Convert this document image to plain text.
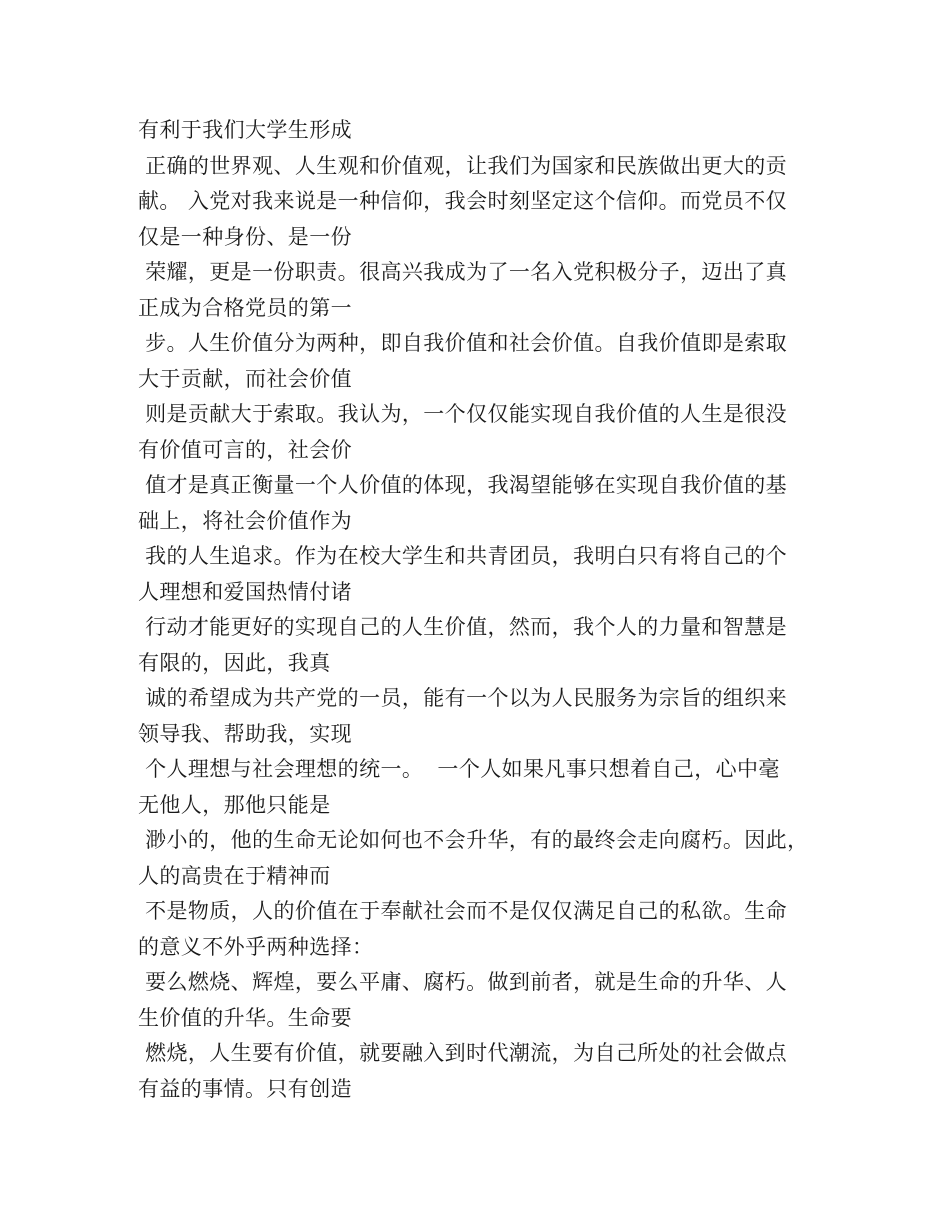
有利于我们大学生形成
正确的世界观、人生观和价值观，让我们为国家和民族做出更大的贡
献。 入党对我来说是一种信仰，我会时刻坚定这个信仰。而党员不仅
仅是一种身份、是一份
荣耀，更是一份职责。很高兴我成为了一名入党积极分子，迈出了真
正成为合格党员的第一
步。人生价值分为两种，即自我价值和社会价值。自我价值即是索取
大于贡献，而社会价值
则是贡献大于索取。我认为，一个仅仅能实现自我价值的人生是很没
有价值可言的，社会价
值才是真正衡量一个人价值的体现，我渴望能够在实现自我价值的基
础上，将社会价值作为
我的人生追求。作为在校大学生和共青团员，我明白只有将自己的个
人理想和爱国热情付诸
行动才能更好的实现自己的人生价值，然而，我个人的力量和智慧是
有限的，因此，我真
诚的希望成为共产党的一员，能有一个以为人民服务为宗旨的组织来
领导我、帮助我，实现
个人理想与社会理想的统一。  一个人如果凡事只想着自己，心中毫
无他人，那他只能是
渺小的，他的生命无论如何也不会升华，有的最终会走向腐朽。因此，
人的高贵在于精神而
不是物质，人的价值在于奉献社会而不是仅仅满足自己的私欲。生命
的意义不外乎两种选择：
要么燃烧、辉煌，要么平庸、腐朽。做到前者，就是生命的升华、人
生价值的升华。生命要
燃烧，人生要有价值，就要融入到时代潮流，为自己所处的社会做点
有益的事情。只有创造
